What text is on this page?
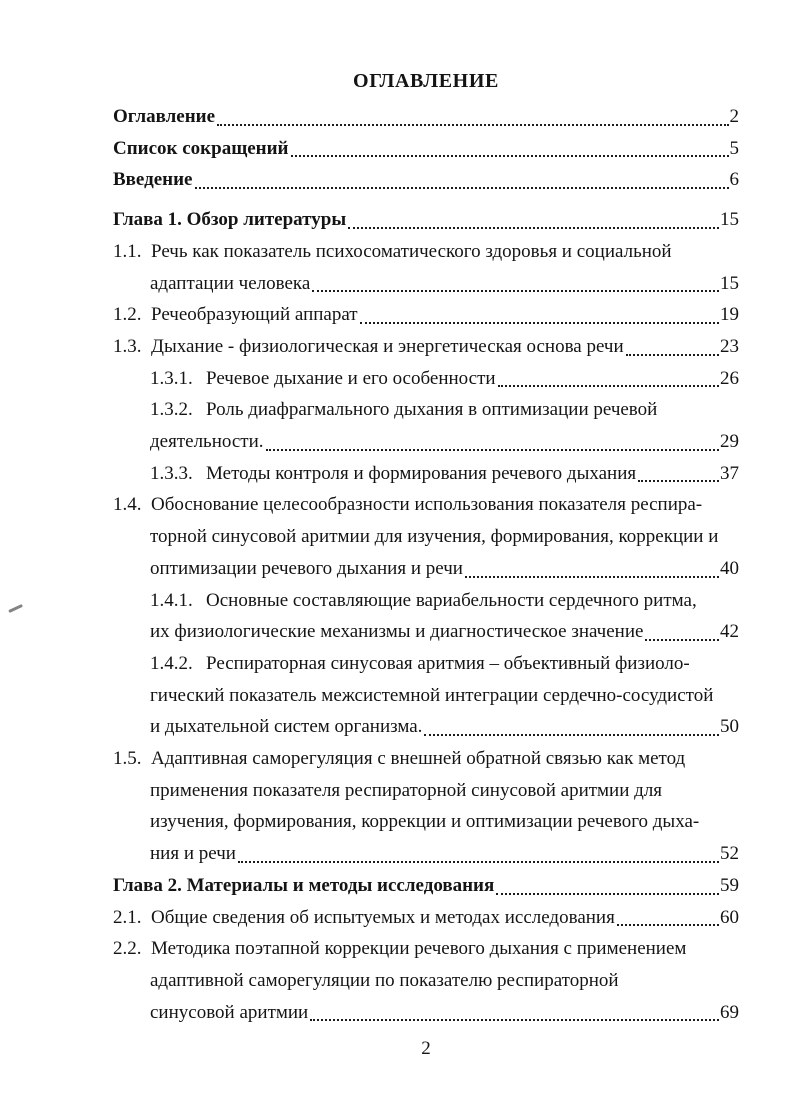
ОГЛАВЛЕНИЕ
Оглавление	2
Список сокращений	5
Введение	6
Глава 1. Обзор литературы	15
1.1. Речь как показатель психосоматического здоровья и социальной
адаптации человека	15
1.2. Речеобразующий аппарат	19
1.3. Дыхание - физиологическая и энергетическая основа речи	23
1.3.1. Речевое дыхание и его особенности	26
1.3.2. Роль диафрагмального дыхания в оптимизации речевой
деятельности.	29
1.3.3. Методы контроля и формирования речевого дыхания	37
1.4. Обоснование целесообразности использования показателя респира-
торной синусовой аритмии для изучения, формирования, коррекции и
оптимизации речевого дыхания и речи	40
1.4.1. Основные составляющие вариабельности сердечного ритма,
их физиологические механизмы и диагностическое значение	42
1.4.2. Респираторная синусовая аритмия – объективный физиоло-
гический показатель межсистемной интеграции сердечно-сосудистой
и дыхательной систем организма.	50
1.5. Адаптивная саморегуляция с внешней обратной связью как метод
применения показателя респираторной синусовой аритмии для
изучения, формирования, коррекции и оптимизации речевого дыха-
ния и речи	52
Глава 2. Материалы и методы исследования	59
2.1. Общие сведения об испытуемых и методах исследования	60
2.2. Методика поэтапной коррекции речевого дыхания с применением
адаптивной саморегуляции по показателю респираторной
синусовой аритмии	69
2
